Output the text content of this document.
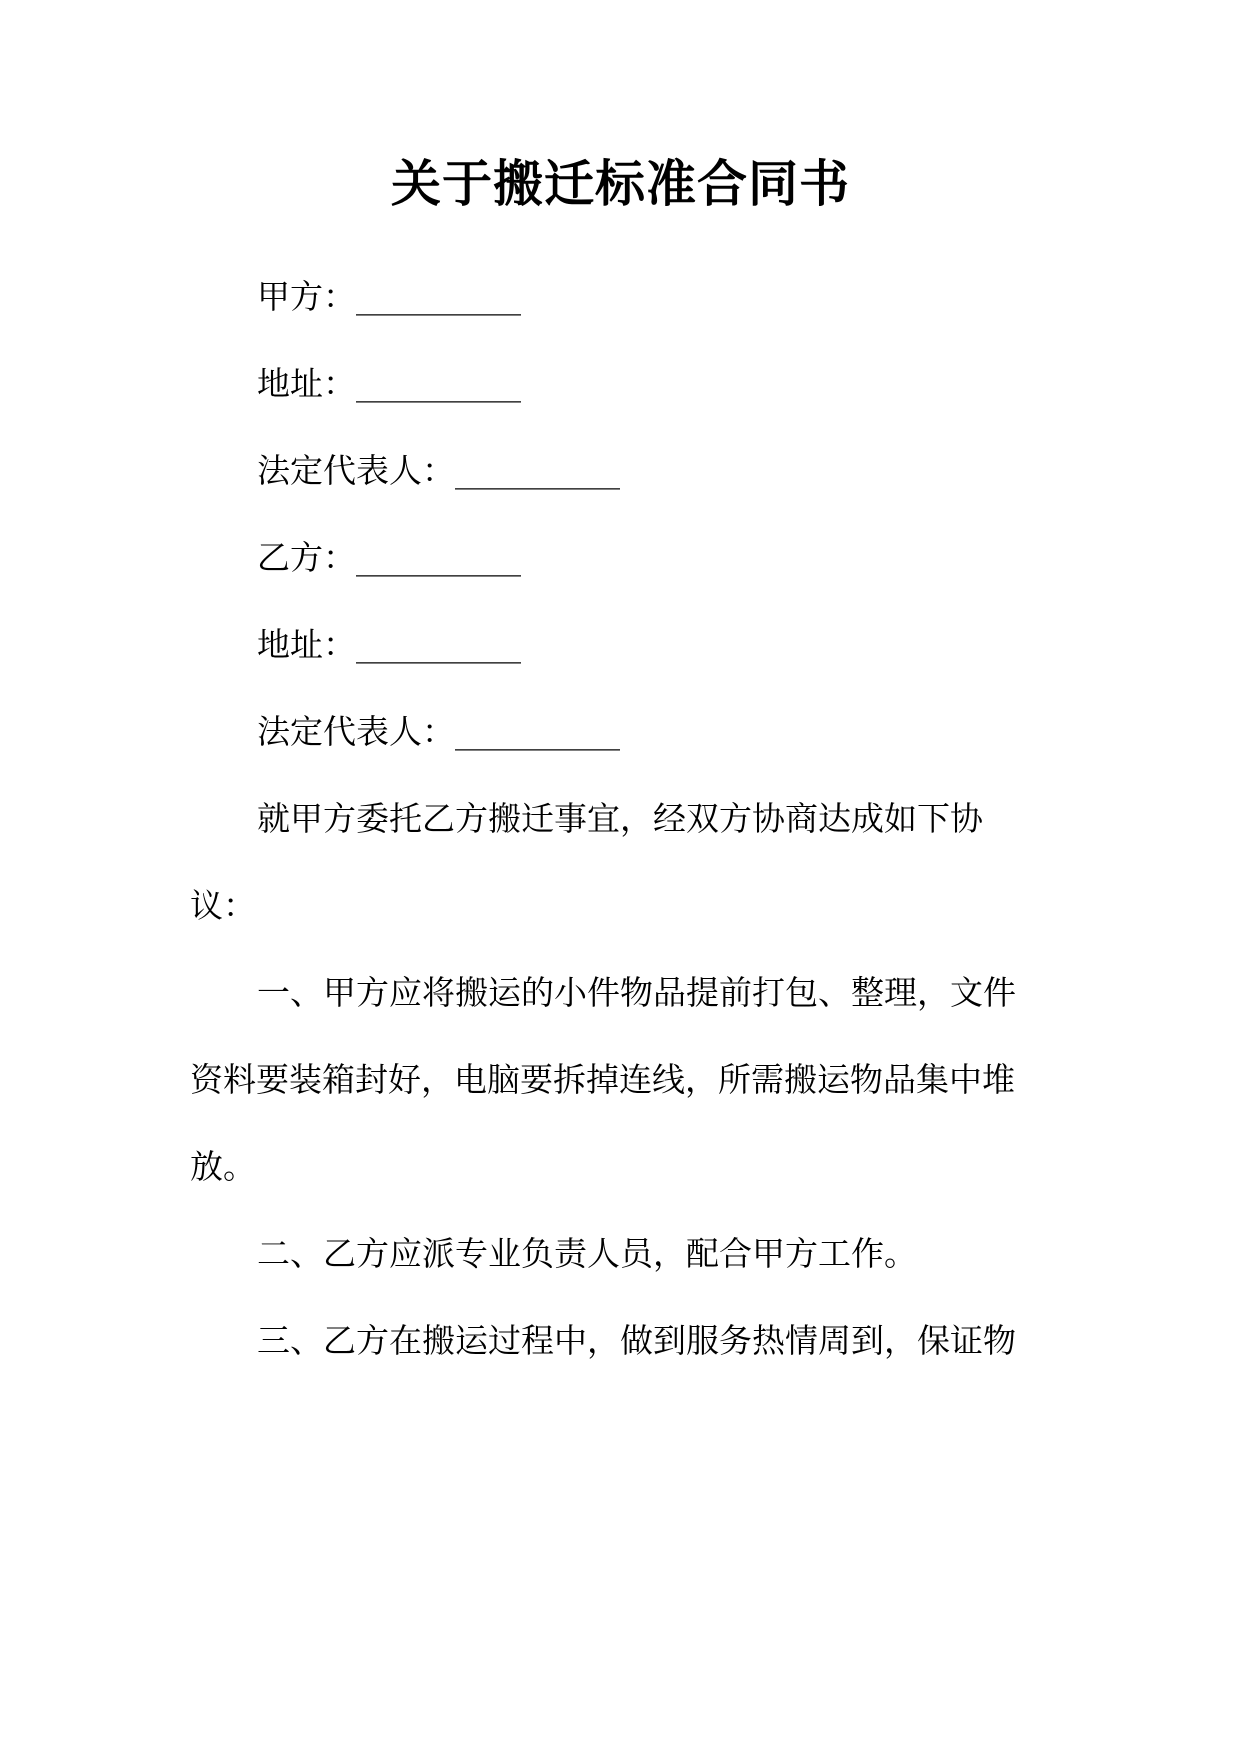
关于搬迁标准合同书

甲方：__________

地址：__________

法定代表人：__________

乙方：__________

地址：__________

法定代表人：__________

就甲方委托乙方搬迁事宜，经双方协商达成如下协

议：

一、甲方应将搬运的小件物品提前打包、整理，文件

资料要装箱封好，电脑要拆掉连线，所需搬运物品集中堆

放。

二、乙方应派专业负责人员，配合甲方工作。

三、乙方在搬运过程中，做到服务热情周到，保证物
